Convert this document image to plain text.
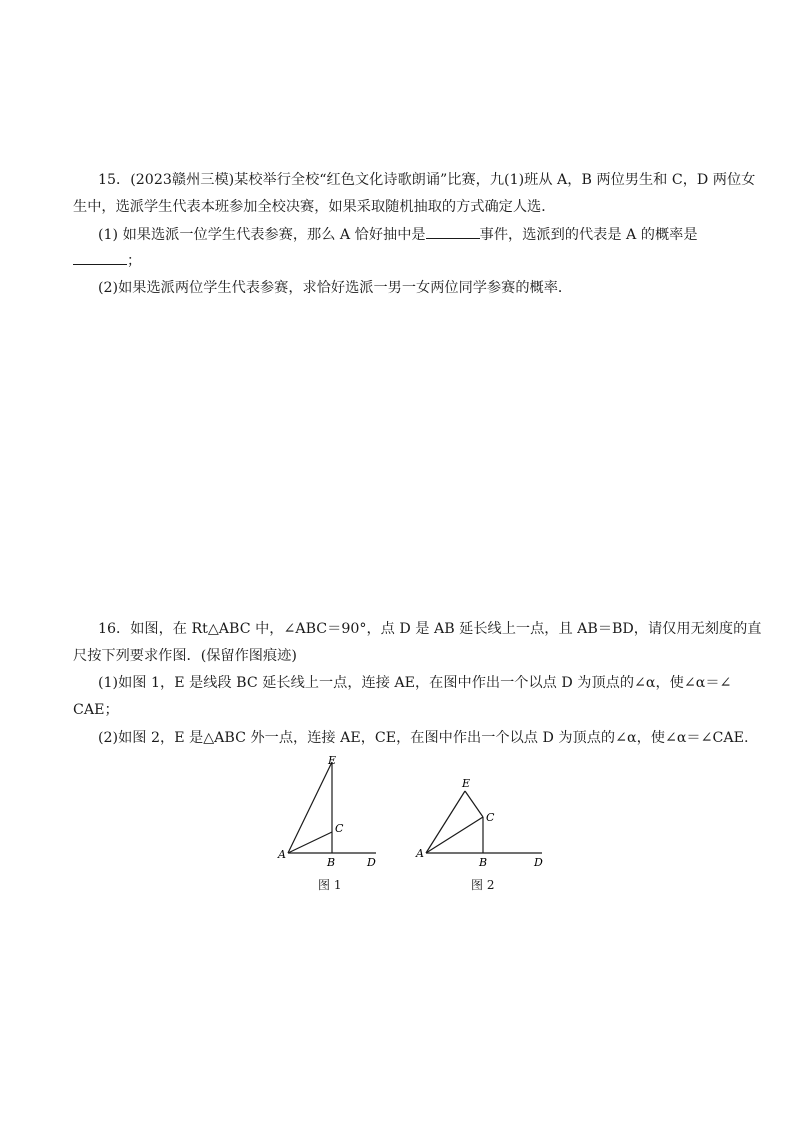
15．(2023赣州三模)某校举行全校“红色文化诗歌朗诵”比赛，九(1)班从 A，B 两位男生和 C，D 两位女
生中，选派学生代表本班参加全校决赛，如果采取随机抽取的方式确定人选．
(1) 如果选派一位学生代表参赛，那么 A 恰好抽中是	事件，选派到的代表是 A 的概率是
；
(2)如果选派两位学生代表参赛，求恰好选派一男一女两位同学参赛的概率．
16．如图，在 Rt△ABC 中，∠ABC＝90°，点 D 是 AB 延长线上一点，且 AB＝BD，请仅用无刻度的直
尺按下列要求作图．(保留作图痕迹)
(1)如图 1，E 是线段 BC 延长线上一点，连接 AE，在图中作出一个以点 D 为顶点的∠α，使∠α＝∠
CAE；
(2)如图 2，E 是△ABC 外一点，连接 AE，CE，在图中作出一个以点 D 为顶点的∠α，使∠α＝∠CAE.
E
C
A
B	D
图 1
E
C
A
B	D
图 2
